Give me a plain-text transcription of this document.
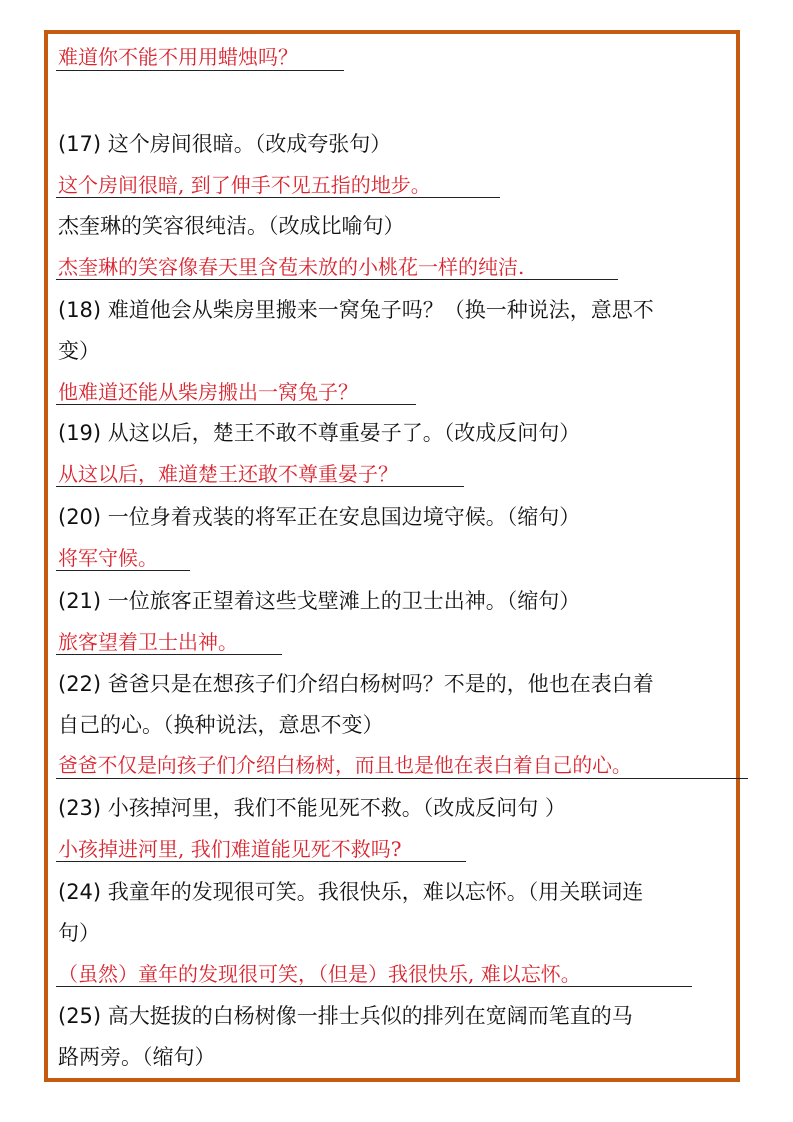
难道你不能不用用蜡烛吗？
(17) 这个房间很暗。（改成夸张句）
这个房间很暗, 到了伸手不见五指的地步。
杰奎琳的笑容很纯洁。（改成比喻句）
杰奎琳的笑容像春天里含苞未放的小桃花一样的纯洁.
(18) 难道他会从柴房里搬来一窝兔子吗？（换一种说法，意思不
变）
他难道还能从柴房搬出一窝兔子？
(19) 从这以后，楚王不敢不尊重晏子了。（改成反问句）
从这以后，难道楚王还敢不尊重晏子？
(20) 一位身着戎装的将军正在安息国边境守候。（缩句）
将军守候。
(21) 一位旅客正望着这些戈壁滩上的卫士出神。（缩句）
旅客望着卫士出神。
(22) 爸爸只是在想孩子们介绍白杨树吗？不是的，他也在表白着
自己的心。（换种说法，意思不变）
爸爸不仅是向孩子们介绍白杨树，而且也是他在表白着自己的心。
(23) 小孩掉河里，我们不能见死不救。（改成反问句 ）
小孩掉进河里, 我们难道能见死不救吗?
(24) 我童年的发现很可笑。我很快乐，难以忘怀。（用关联词连
句）
（虽然）童年的发现很可笑，（但是）我很快乐, 难以忘怀。
(25) 高大挺拔的白杨树像一排士兵似的排列在宽阔而笔直的马
路两旁。（缩句）
